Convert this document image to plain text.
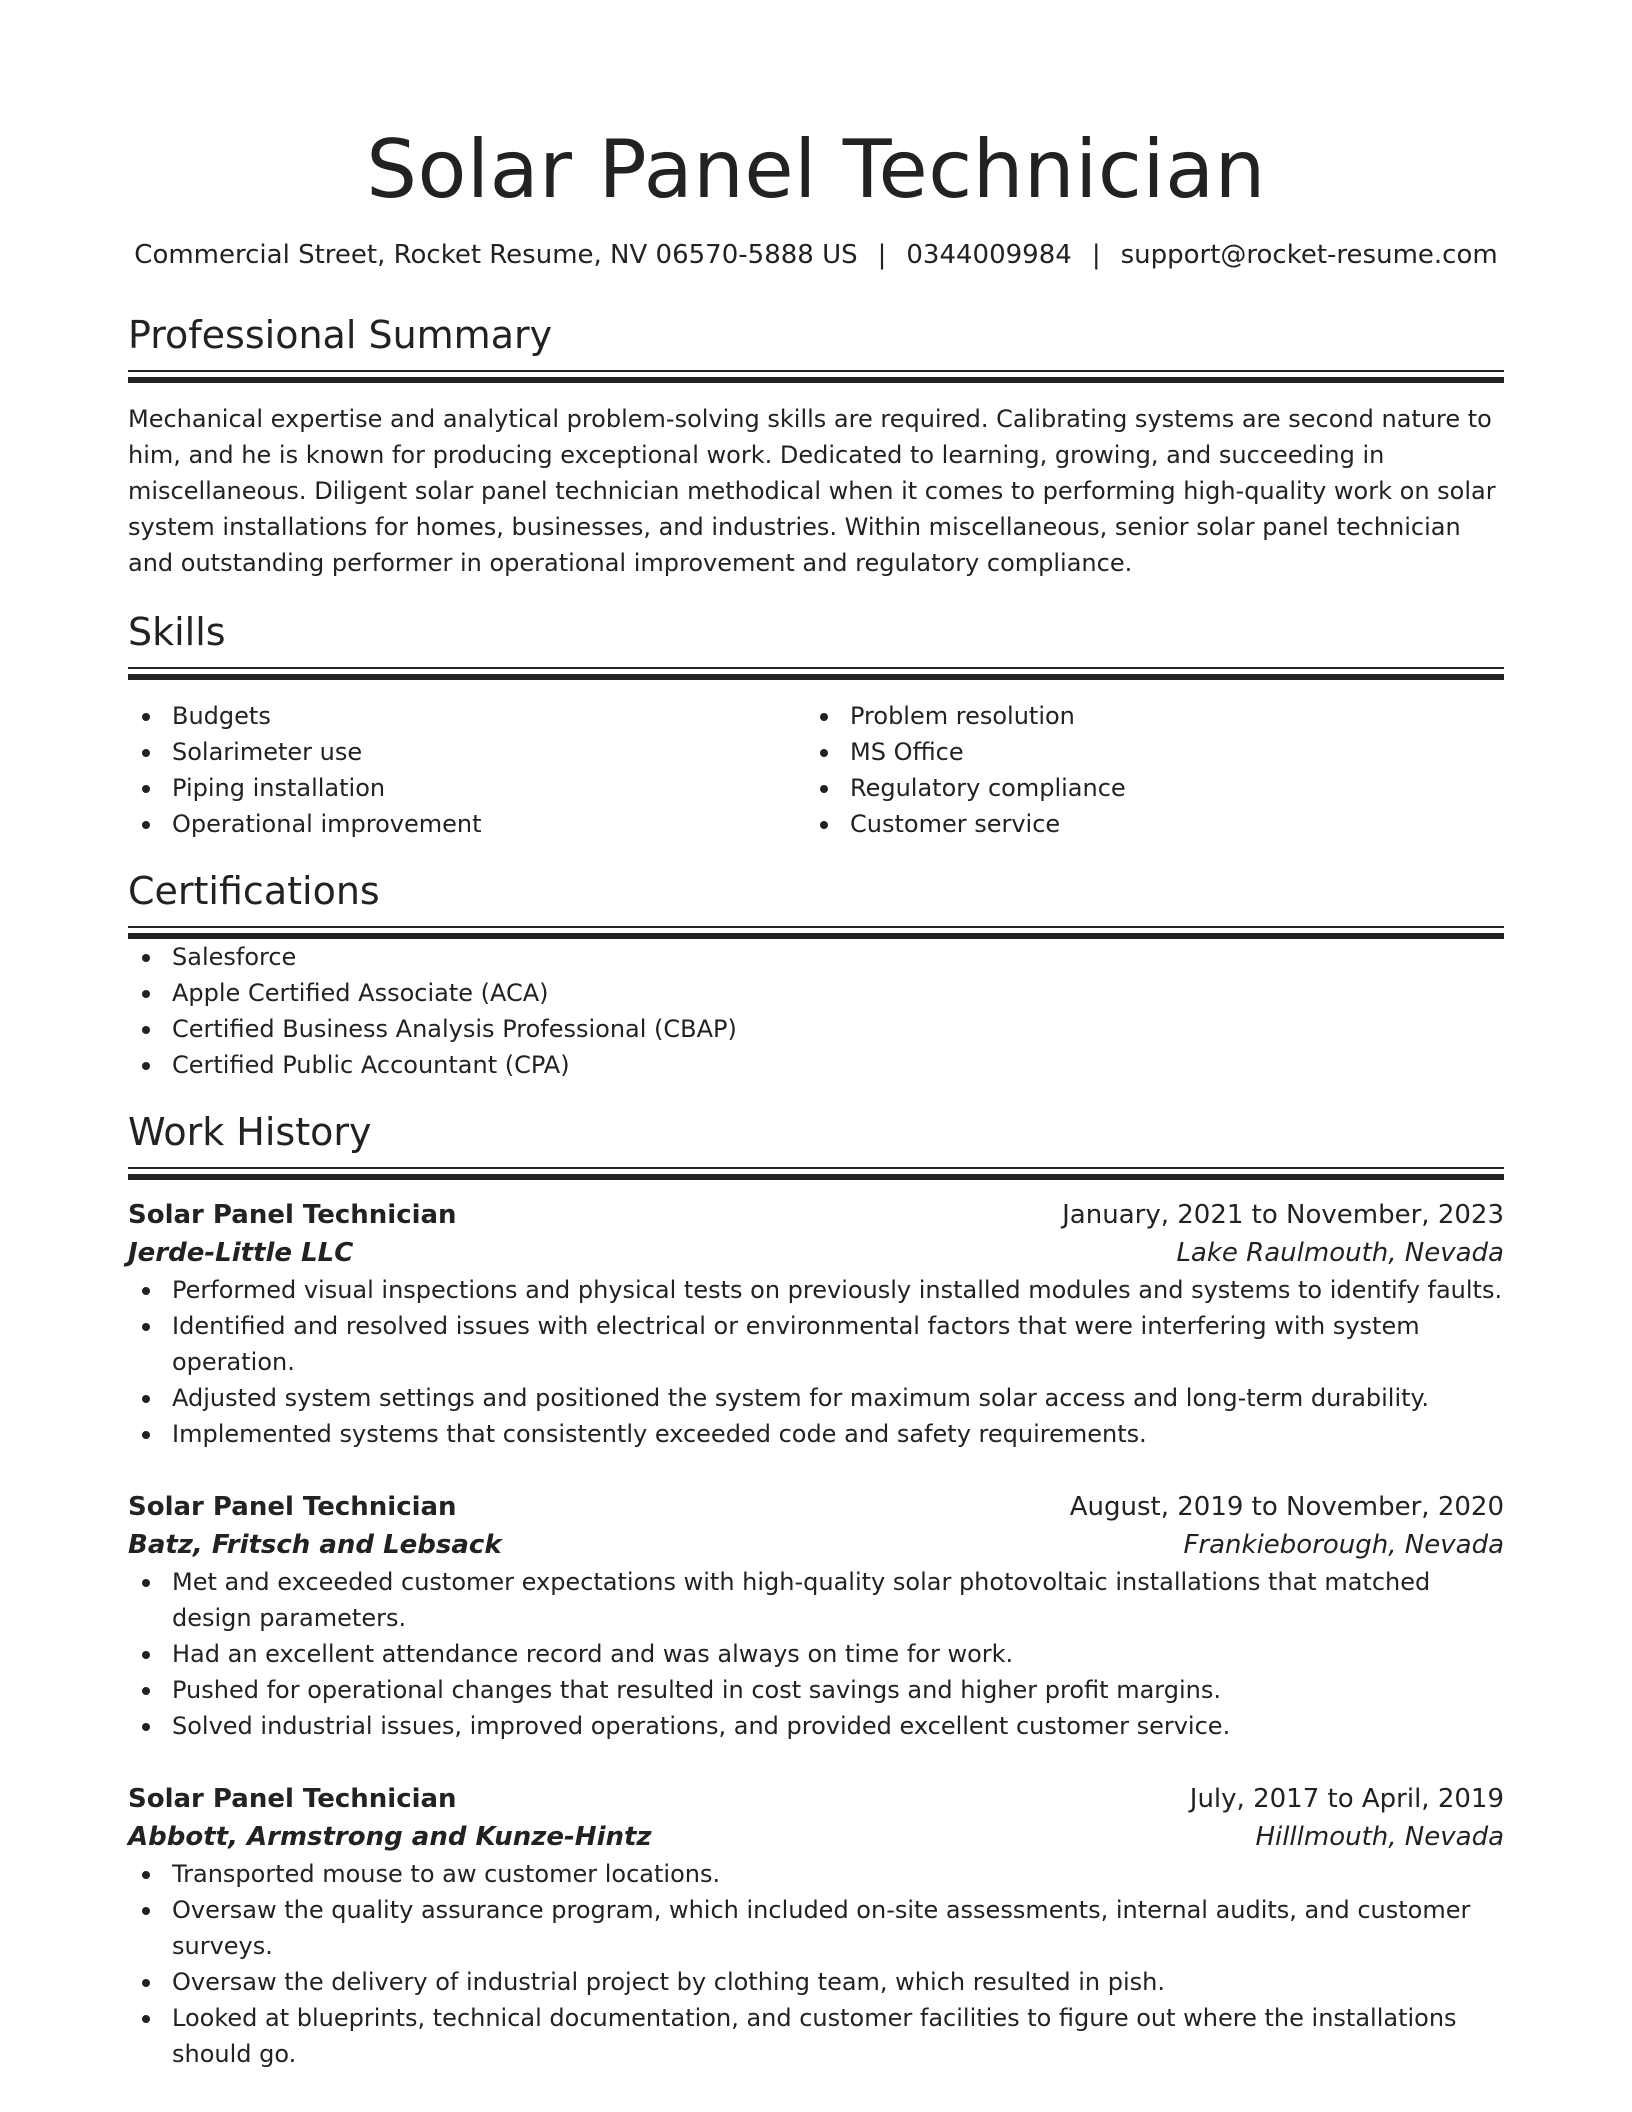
Solar Panel Technician
Commercial Street, Rocket Resume, NV 06570-5888 US | 0344009984 | support@rocket-resume.com
Professional Summary
Mechanical expertise and analytical problem-solving skills are required. Calibrating systems are second nature to him, and he is known for producing exceptional work. Dedicated to learning, growing, and succeeding in miscellaneous. Diligent solar panel technician methodical when it comes to performing high-quality work on solar system installations for homes, businesses, and industries. Within miscellaneous, senior solar panel technician and outstanding performer in operational improvement and regulatory compliance.
Skills
Budgets
Solarimeter use
Piping installation
Operational improvement
Problem resolution
MS Office
Regulatory compliance
Customer service
Certifications
Salesforce
Apple Certified Associate (ACA)
Certified Business Analysis Professional (CBAP)
Certified Public Accountant (CPA)
Work History
Solar Panel Technician	January, 2021 to November, 2023
Jerde-Little LLC	Lake Raulmouth, Nevada
Performed visual inspections and physical tests on previously installed modules and systems to identify faults.
Identified and resolved issues with electrical or environmental factors that were interfering with system operation.
Adjusted system settings and positioned the system for maximum solar access and long-term durability.
Implemented systems that consistently exceeded code and safety requirements.
Solar Panel Technician	August, 2019 to November, 2020
Batz, Fritsch and Lebsack	Frankieborough, Nevada
Met and exceeded customer expectations with high-quality solar photovoltaic installations that matched design parameters.
Had an excellent attendance record and was always on time for work.
Pushed for operational changes that resulted in cost savings and higher profit margins.
Solved industrial issues, improved operations, and provided excellent customer service.
Solar Panel Technician	July, 2017 to April, 2019
Abbott, Armstrong and Kunze-Hintz	Hilllmouth, Nevada
Transported mouse to aw customer locations.
Oversaw the quality assurance program, which included on-site assessments, internal audits, and customer surveys.
Oversaw the delivery of industrial project by clothing team, which resulted in pish.
Looked at blueprints, technical documentation, and customer facilities to figure out where the installations should go.
